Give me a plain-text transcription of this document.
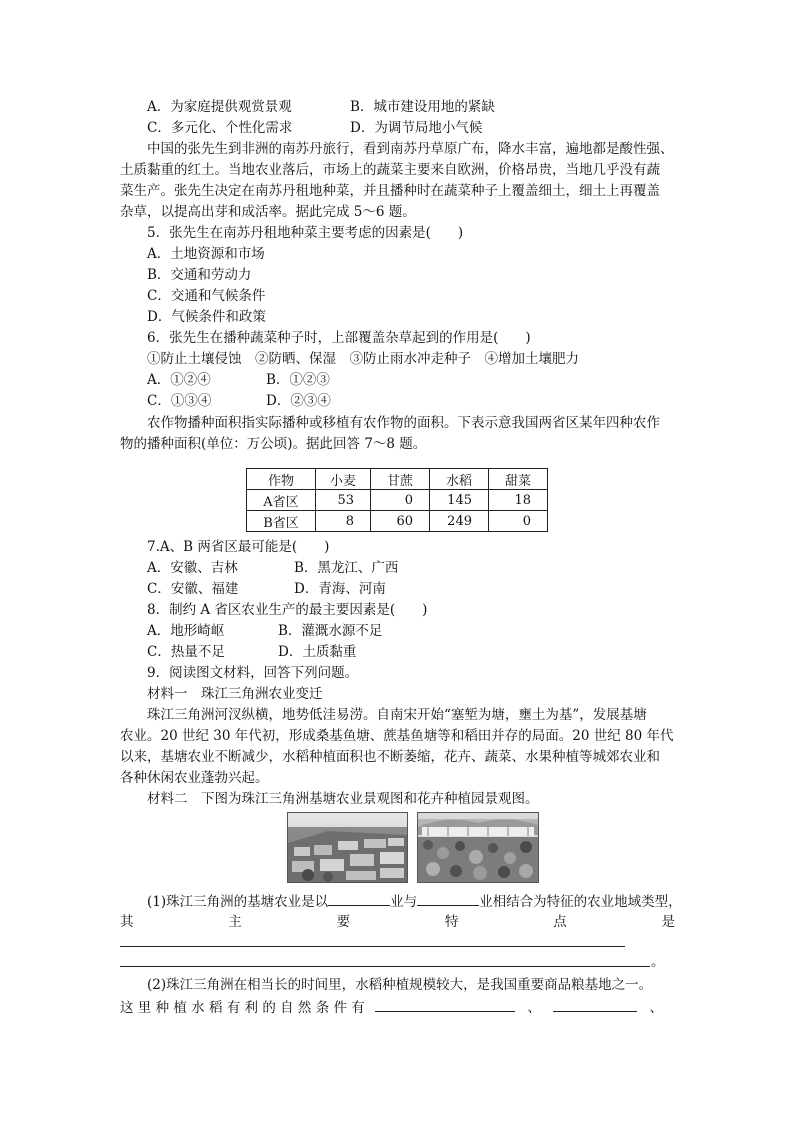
A．为家庭提供观赏景观	B．城市建设用地的紧缺
C．多元化、个性化需求	D．为调节局地小气候
中国的张先生到非洲的南苏丹旅行，看到南苏丹草原广布，降水丰富，遍地都是酸性强、
土质黏重的红土。当地农业落后，市场上的蔬菜主要来自欧洲，价格昂贵，当地几乎没有蔬
菜生产。张先生决定在南苏丹租地种菜，并且播种时在蔬菜种子上覆盖细土，细土上再覆盖
杂草，以提高出芽和成活率。据此完成 5～6 题。
5．张先生在南苏丹租地种菜主要考虑的因素是(　　)
A．土地资源和市场
B．交通和劳动力
C．交通和气候条件
D．气候条件和政策
6．张先生在播种蔬菜种子时，上部覆盖杂草起到的作用是(　　)
①防止土壤侵蚀　②防晒、保湿　③防止雨水冲走种子　④增加土壤肥力
A．①②④	B．①②③
C．①③④	D．②③④
农作物播种面积指实际播种或移植有农作物的面积。下表示意我国两省区某年四种农作
物的播种面积(单位：万公顷)。据此回答 7～8 题。
作物	小麦	甘蔗	水稻	甜菜
A省区	53	0	145	18
B省区	8	60	249	0
7.A、B 两省区最可能是(　　)
A．安徽、吉林	B．黑龙江、广西
C．安徽、福建	D．青海、河南
8．制约 A 省区农业生产的最主要因素是(　　)
A．地形崎岖	B．灌溉水源不足
C．热量不足	D．土质黏重
9．阅读图文材料，回答下列问题。
材料一　珠江三角洲农业变迁
珠江三角洲河汊纵横，地势低洼易涝。自南宋开始“塞堑为塘，壅土为基”，发展基塘
农业。20 世纪 30 年代初，形成桑基鱼塘、蔗基鱼塘等和稻田并存的局面。20 世纪 80 年代
以来，基塘农业不断减少，水稻种植面积也不断萎缩，花卉、蔬菜、水果种植等城郊农业和
各种休闲农业蓬勃兴起。
材料二　下图为珠江三角洲基塘农业景观图和花卉种植园景观图。
(1)珠江三角洲的基塘农业是以	业与	业相结合为特征的农业地域类型，
其	主	要	特	点	是
。
(2)珠江三角洲在相当长的时间里，水稻种植规模较大，是我国重要商品粮基地之一。
这 里 种 植 水 稻 有 利 的 自 然 条 件 有	、	、
